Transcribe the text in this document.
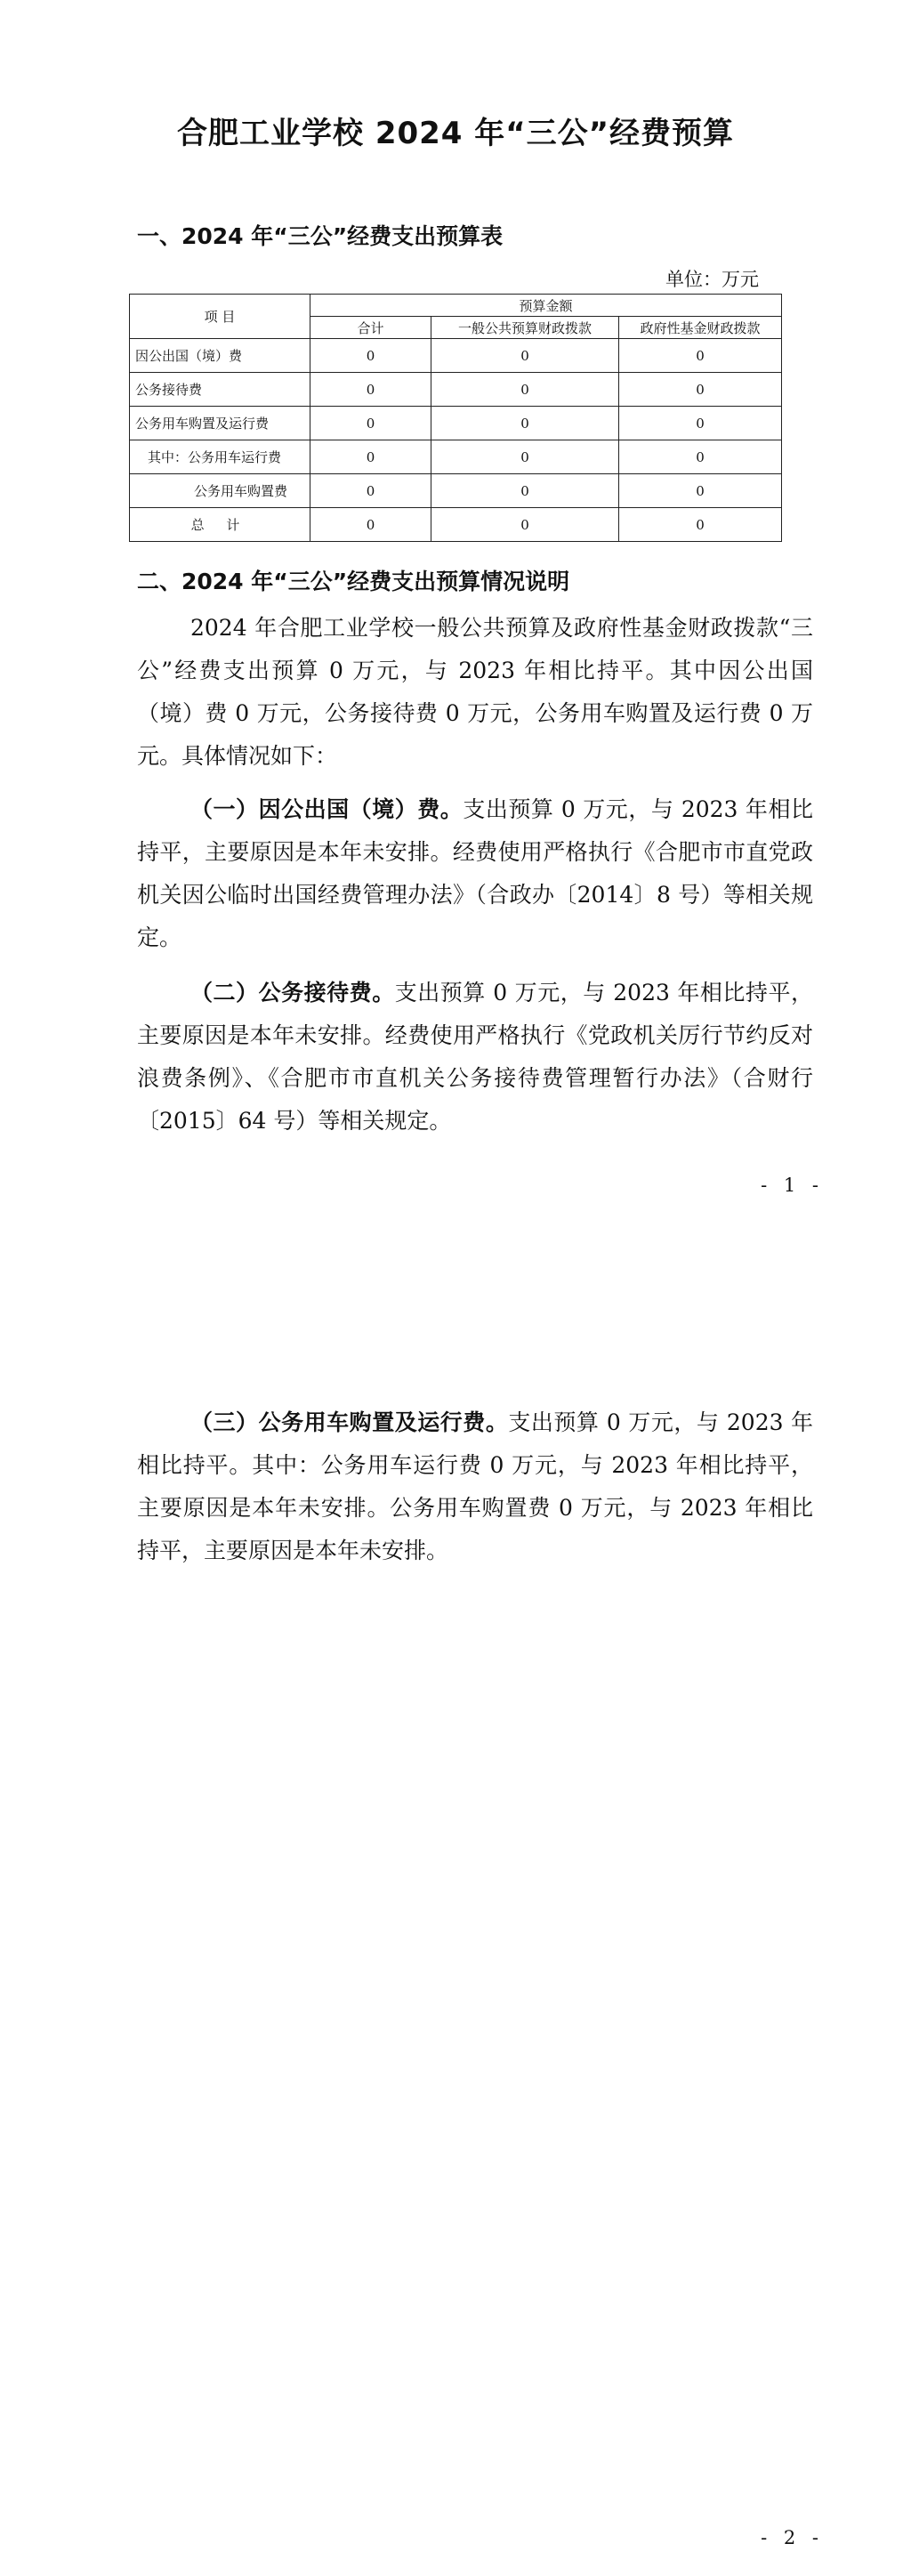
合肥工业学校 2024 年“三公”经费预算
一、2024 年“三公”经费支出预算表
单位：万元
项 目	预算金额		
	合计	一般公共预算财政拨款	政府性基金财政拨款
因公出国（境）费	0	0	0
公务接待费	0	0	0
公务用车购置及运行费	0	0	0
其中：公务用车运行费	0	0	0
公务用车购置费	0	0	0
总 计	0	0	0
二、2024 年“三公”经费支出预算情况说明
2024 年合肥工业学校一般公共预算及政府性基金财政拨款“三公”经费支出预算 0 万元，与 2023 年相比持平。其中因公出国（境）费 0 万元，公务接待费 0 万元，公务用车购置及运行费 0 万元。具体情况如下：
（一）因公出国（境）费。支出预算 0 万元，与 2023 年相比持平，主要原因是本年未安排。经费使用严格执行《合肥市市直党政机关因公临时出国经费管理办法》（合政办〔2014〕8 号）等相关规定。
（二）公务接待费。支出预算 0 万元，与 2023 年相比持平，主要原因是本年未安排。经费使用严格执行《党政机关厉行节约反对浪费条例》、《合肥市市直机关公务接待费管理暂行办法》（合财行〔2015〕64 号）等相关规定。
- 1 -
（三）公务用车购置及运行费。支出预算 0 万元，与 2023 年相比持平。其中：公务用车运行费 0 万元，与 2023 年相比持平，主要原因是本年未安排。公务用车购置费 0 万元，与 2023 年相比持平，主要原因是本年未安排。
- 2 -
